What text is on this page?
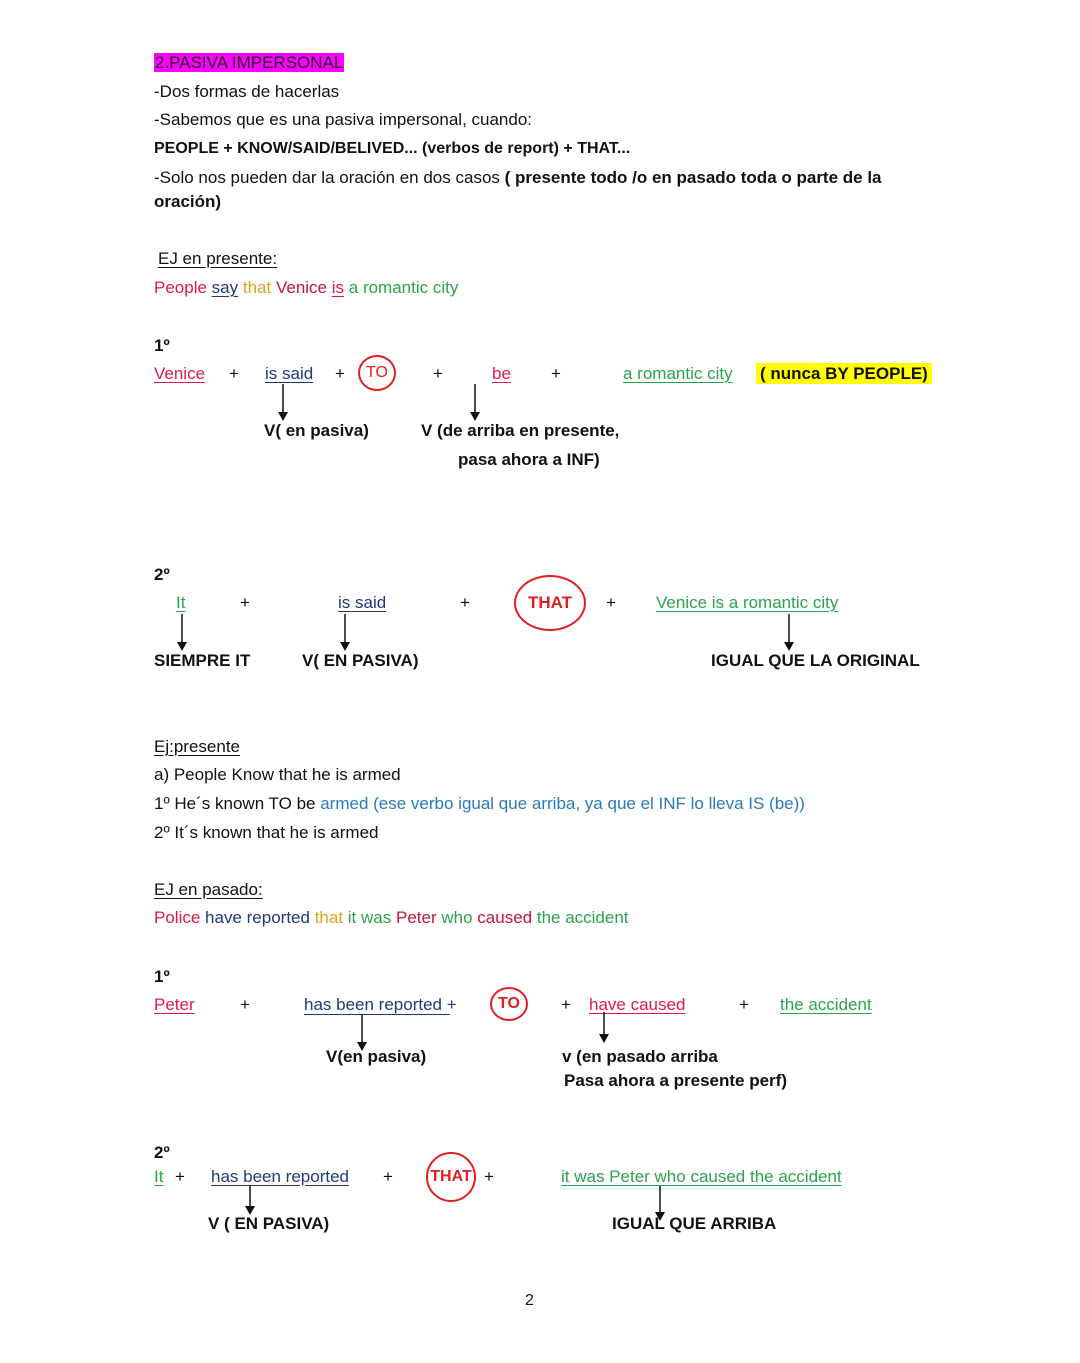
2.PASIVA IMPERSONAL
-Dos formas de hacerlas
-Sabemos que es una pasiva impersonal, cuando:
PEOPLE + KNOW/SAID/BELIVED... (verbos de report) + THAT...
-Solo nos pueden dar la oración en dos casos ( presente todo /o en pasado toda o parte de la
oración)
EJ en presente:
People say that Venice is a romantic city
1º
Venice + is said +	TO	+	be +	a romantic city ( nunca BY PEOPLE)
V( en pasiva)	V (de arriba en presente,
pasa ahora a INF)
2º
It	+	is said	+	THAT	+ Venice is a romantic city
SIEMPRE IT	V( EN PASIVA)	IGUAL QUE LA ORIGINAL
Ej:presente
a) People Know that he is armed
1º He´s known TO be armed (ese verbo igual que arriba, ya que el INF lo lleva IS (be))
2º It´s known that he is armed
EJ en pasado:
Police have reported that it was Peter who caused the accident
1º
Peter	+	has been reported +	TO	+ have caused	+ the accident
V(en pasiva)	v (en pasado arriba
Pasa ahora a presente perf)
2º
It + has been reported + THAT +	it was Peter who caused the accident
V ( EN PASIVA)	IGUAL QUE ARRIBA
2
